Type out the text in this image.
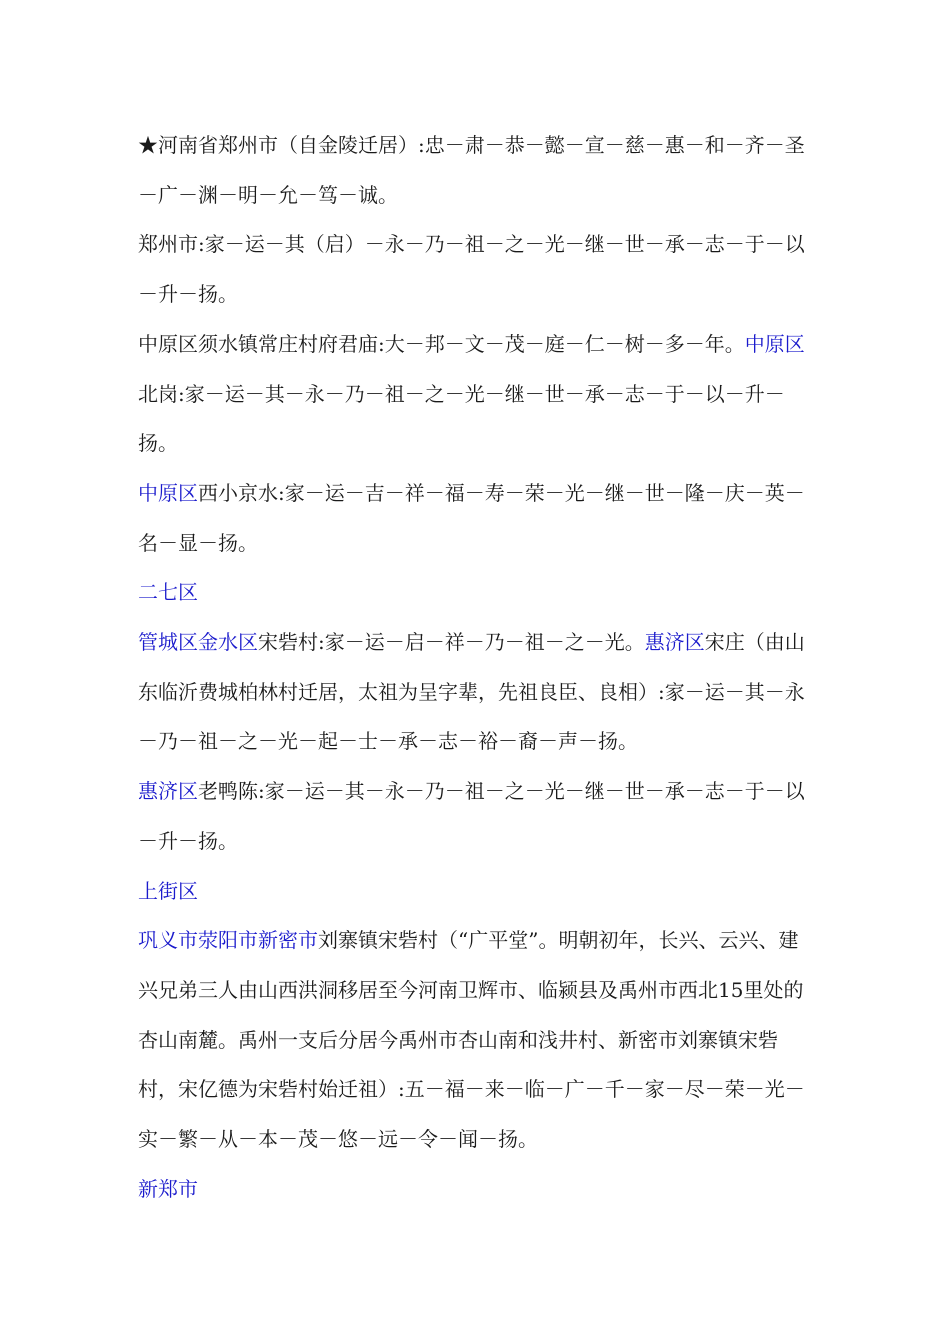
★河南省郑州市（自金陵迁居）:忠－肃－恭－懿－宣－慈－惠－和－齐－圣－广－渊－明－允－笃－诚。

郑州市:家－运－其（启）－永－乃－祖－之－光－继－世－承－志－于－以－升－扬。

中原区须水镇常庄村府君庙:大－邦－文－茂－庭－仁－树－多－年。中原区北岗:家－运－其－永－乃－祖－之－光－继－世－承－志－于－以－升－扬。

中原区西小京水:家－运－吉－祥－福－寿－荣－光－继－世－隆－庆－英－名－显－扬。

二七区

管城区金水区宋砦村:家－运－启－祥－乃－祖－之－光。惠济区宋庄（由山东临沂费城柏林村迁居，太祖为呈字辈，先祖良臣、良相）:家－运－其－永－乃－祖－之－光－起－士－承－志－裕－裔－声－扬。

惠济区老鸭陈:家－运－其－永－乃－祖－之－光－继－世－承－志－于－以－升－扬。

上街区

巩义市荥阳市新密市刘寨镇宋砦村（“广平堂”。明朝初年，长兴、云兴、建兴兄弟三人由山西洪洞移居至今河南卫辉市、临颍县及禹州市西北15里处的杏山南麓。禹州一支后分居今禹州市杏山南和浅井村、新密市刘寨镇宋砦村，宋亿德为宋砦村始迁祖）:五－福－来－临－广－千－家－尽－荣－光－实－繁－从－本－茂－悠－远－令－闻－扬。

新郑市
